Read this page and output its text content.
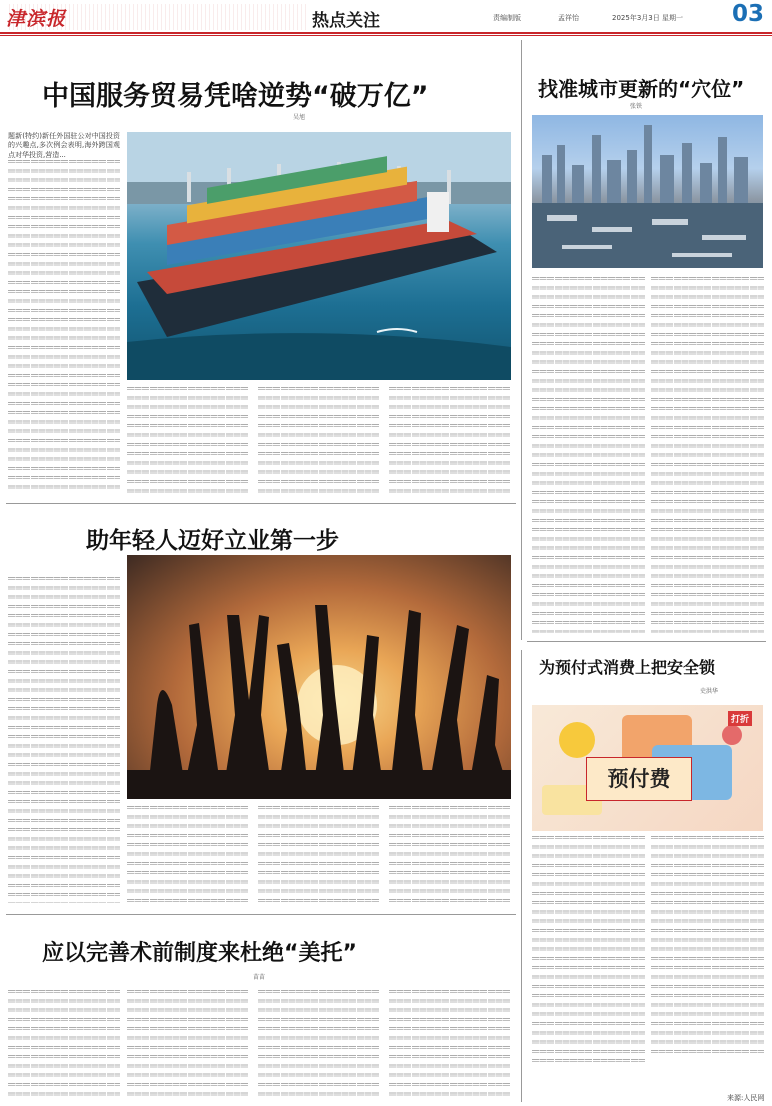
津滨报	热点关注	责编制版	孟祥怡	2025年3月3日 星期一 03
中国服务贸易凭啥逆势“破万亿”
吴旭
题新(特约)新任外国驻公对中国投资的兴趣点,多次例会表明,海外跨国观点对华投资,营造...
找准城市更新的“穴位”
张铁
助年轻人迈好立业第一步
为预付式消费上把安全锁
史洪华
预付费
打折
来源:人民网
应以完善术前制度来杜绝“美托”
苗苗
